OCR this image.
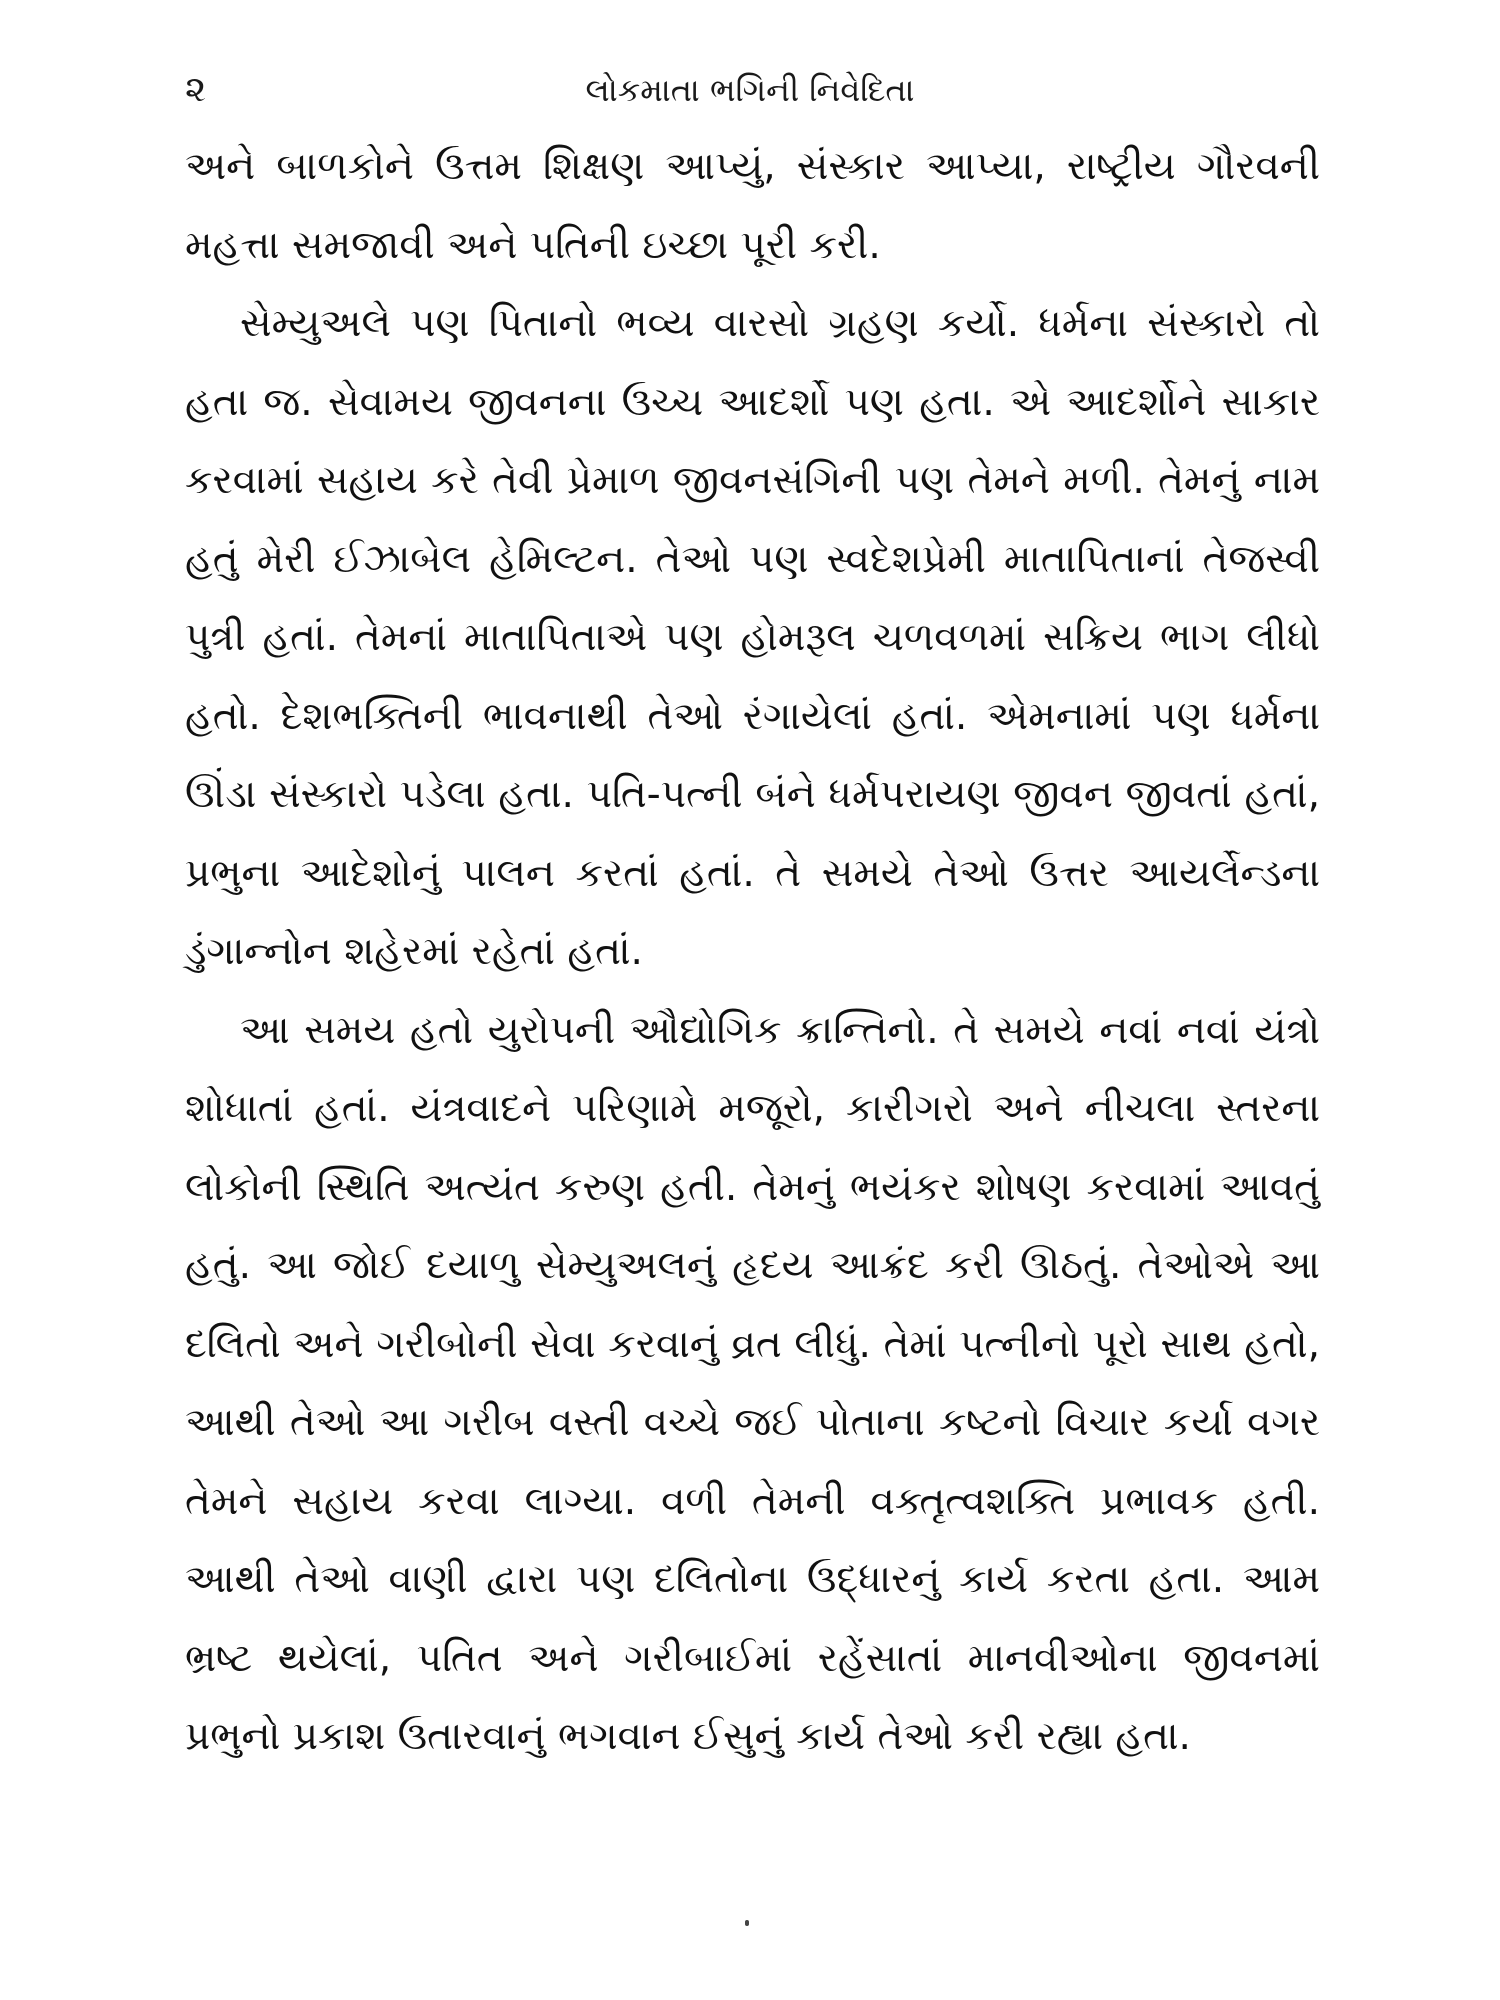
૨	લોકમાતા ભગિની નિવેદિતા

અને બાળકોને ઉત્તમ શિક્ષણ આપ્યું, સંસ્કાર આપ્યા, રાષ્ટ્રીય ગૌરવની મહત્તા સમજાવી અને પતિની ઇચ્છા પૂરી કરી.

સેમ્યુઅલે પણ પિતાનો ભવ્ય વારસો ગ્રહણ કર્યો. ધર્મના સંસ્કારો તો હતા જ. સેવામય જીવનના ઉચ્ચ આદર્શો પણ હતા. એ આદર્શોને સાકાર કરવામાં સહાય કરે તેવી પ્રેમાળ જીવનસંગિની પણ તેમને મળી. તેમનું નામ હતું મેરી ઈઝાબેલ હેમિલ્ટન. તેઓ પણ સ્વદેશપ્રેમી માતાપિતાનાં તેજસ્વી પુત્રી હતાં. તેમનાં માતાપિતાએ પણ હોમરૂલ ચળવળમાં સક્રિય ભાગ લીધો હતો. દેશભક્તિની ભાવનાથી તેઓ રંગાયેલાં હતાં. એમનામાં પણ ધર્મના ઊંડા સંસ્કારો પડેલા હતા. પતિ-પત્ની બંને ધર્મપરાયણ જીવન જીવતાં હતાં, પ્રભુના આદેશોનું પાલન કરતાં હતાં. તે સમયે તેઓ ઉત્તર આયર્લેન્ડના ડુંગાન્નોન શહેરમાં રહેતાં હતાં.

આ સમય હતો યુરોપની ઔદ્યોગિક ક્રાન્તિનો. તે સમયે નવાં નવાં યંત્રો શોધાતાં હતાં. યંત્રવાદને પરિણામે મજૂરો, કારીગરો અને નીચલા સ્તરના લોકોની સ્થિતિ અત્યંત કરુણ હતી. તેમનું ભયંકર શોષણ કરવામાં આવતું હતું. આ જોઈ દયાળુ સેમ્યુઅલનું હૃદય આક્રંદ કરી ઊઠતું. તેઓએ આ દલિતો અને ગરીબોની સેવા કરવાનું વ્રત લીધું. તેમાં પત્નીનો પૂરો સાથ હતો, આથી તેઓ આ ગરીબ વસ્તી વચ્ચે જઈ પોતાના કષ્ટનો વિચાર કર્યા વગર તેમને સહાય કરવા લાગ્યા. વળી તેમની વક્તૃત્વશક્તિ પ્રભાવક હતી. આથી તેઓ વાણી દ્વારા પણ દલિતોના ઉદ્ધારનું કાર્ય કરતા હતા. આમ ભ્રષ્ટ થયેલાં, પતિત અને ગરીબાઈમાં રહેંસાતાં માનવીઓના જીવનમાં પ્રભુનો પ્રકાશ ઉતારવાનું ભગવાન ઈસુનું કાર્ય તેઓ કરી રહ્યા હતા.
